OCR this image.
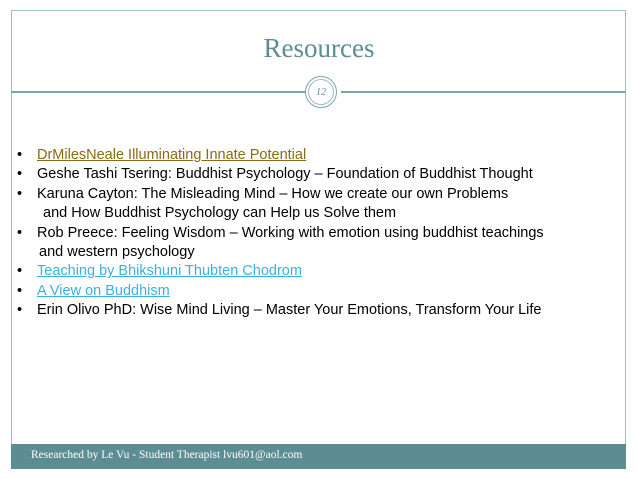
Resources
12
• DrMilesNeale Illuminating Innate Potential
• Geshe Tashi Tsering: Buddhist Psychology – Foundation of Buddhist Thought
• Karuna Cayton: The Misleading Mind – How we create our own Problems
and How Buddhist Psychology can Help us Solve them
• Rob Preece: Feeling Wisdom – Working with emotion using buddhist teachings
and western psychology
• Teaching by Bhikshuni Thubten Chodrom
• A View on Buddhism
• Erin Olivo PhD: Wise Mind Living – Master Your Emotions, Transform Your Life
Researched by Le Vu - Student Therapist lvu601@aol.com
